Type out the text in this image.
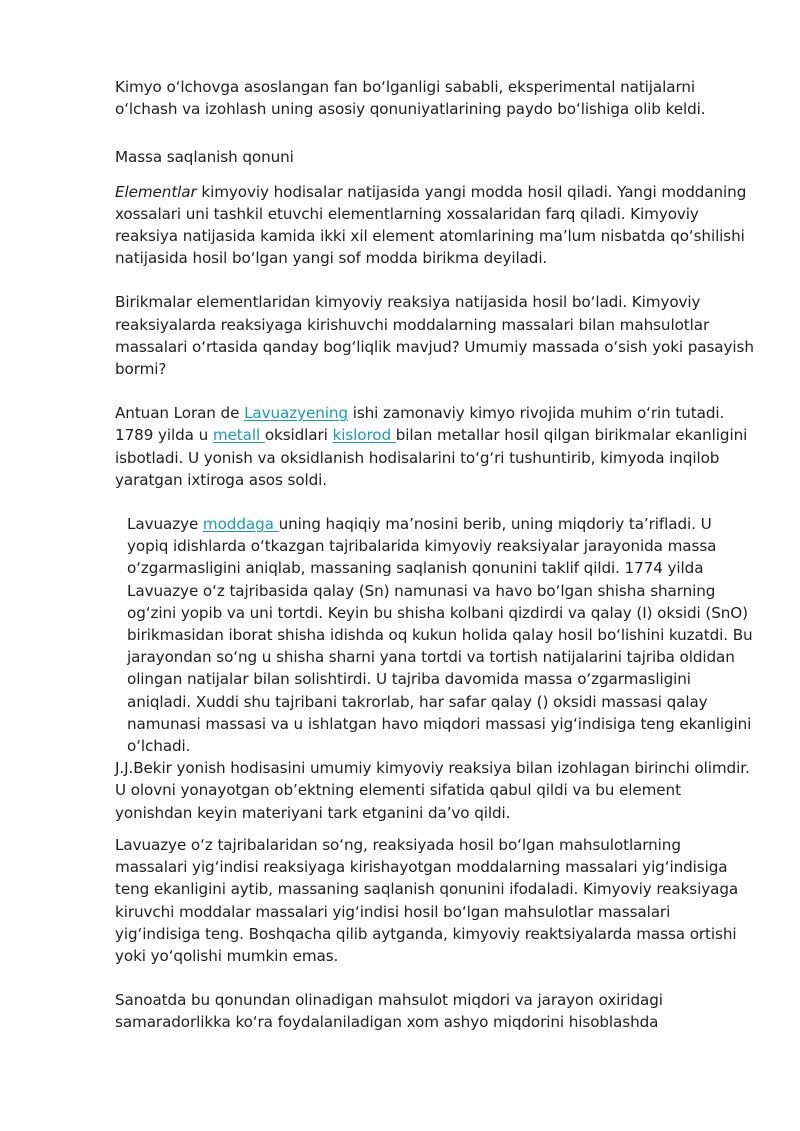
Kimyo o‘lchovga asoslangan fan bo‘lganligi sababli, eksperimental natijalarni o‘lchash va izohlash uning asosiy qonuniyatlarining paydo bo‘lishiga olib keldi.

Massa saqlanish qonuni

Elementlar kimyoviy hodisalar natijasida yangi modda hosil qiladi. Yangi moddaning xossalari uni tashkil etuvchi elementlarning xossalaridan farq qiladi. Kimyoviy reaksiya natijasida kamida ikki xil element atomlarining ma’lum nisbatda qo‘shilishi natijasida hosil bo‘lgan yangi sof modda birikma deyiladi.

Birikmalar elementlaridan kimyoviy reaksiya natijasida hosil bo‘ladi. Kimyoviy reaksiyalarda reaksiyaga kirishuvchi moddalarning massalari bilan mahsulotlar massalari o‘rtasida qanday bog‘liqlik mavjud? Umumiy massada o‘sish yoki pasayish bormi?

Antuan Loran de Lavuazyening ishi zamonaviy kimyo rivojida muhim o‘rin tutadi. 1789 yilda u metall oksidlari kislorod bilan metallar hosil qilgan birikmalar ekanligini isbotladi. U yonish va oksidlanish hodisalarini to‘g‘ri tushuntirib, kimyoda inqilob yaratgan ixtiroga asos soldi.

Lavuazye moddaga uning haqiqiy ma’nosini berib, uning miqdoriy ta’rifladi. U yopiq idishlarda o‘tkazgan tajribalarida kimyoviy reaksiyalar jarayonida massa o‘zgarmasligini aniqlab, massaning saqlanish qonunini taklif qildi. 1774 yilda Lavuazye o‘z tajribasida qalay (Sn) namunasi va havo bo‘lgan shisha sharning og‘zini yopib va uni tortdi. Keyin bu shisha kolbani qizdirdi va qalay (I) oksidi (SnO) birikmasidan iborat shisha idishda oq kukun holida qalay hosil bo‘lishini kuzatdi. Bu jarayondan so‘ng u shisha sharni yana tortdi va tortish natijalarini tajriba oldidan olingan natijalar bilan solishtirdi. U tajriba davomida massa o‘zgarmasligini aniqladi. Xuddi shu tajribani takrorlab, har safar qalay () oksidi massasi qalay namunasi massasi va u ishlatgan havo miqdori massasi yig‘indisiga teng ekanligini o‘lchadi.

J.J.Bekir yonish hodisasini umumiy kimyoviy reaksiya bilan izohlagan birinchi olimdir. U olovni yonayotgan ob’ektning elementi sifatida qabul qildi va bu element yonishdan keyin materiyani tark etganini da’vo qildi.

Lavuazye o‘z tajribalaridan so‘ng, reaksiyada hosil bo‘lgan mahsulotlarning massalari yig‘indisi reaksiyaga kirishayotgan moddalarning massalari yig‘indisiga teng ekanligini aytib, massaning saqlanish qonunini ifodaladi. Kimyoviy reaksiyaga kiruvchi moddalar massalari yig‘indisi hosil bo‘lgan mahsulotlar massalari yig‘indisiga teng. Boshqacha qilib aytganda, kimyoviy reaktsiyalarda massa ortishi yoki yo‘qolishi mumkin emas.

Sanoatda bu qonundan olinadigan mahsulot miqdori va jarayon oxiridagi samaradorlikka ko‘ra foydalaniladigan xom ashyo miqdorini hisoblashda
